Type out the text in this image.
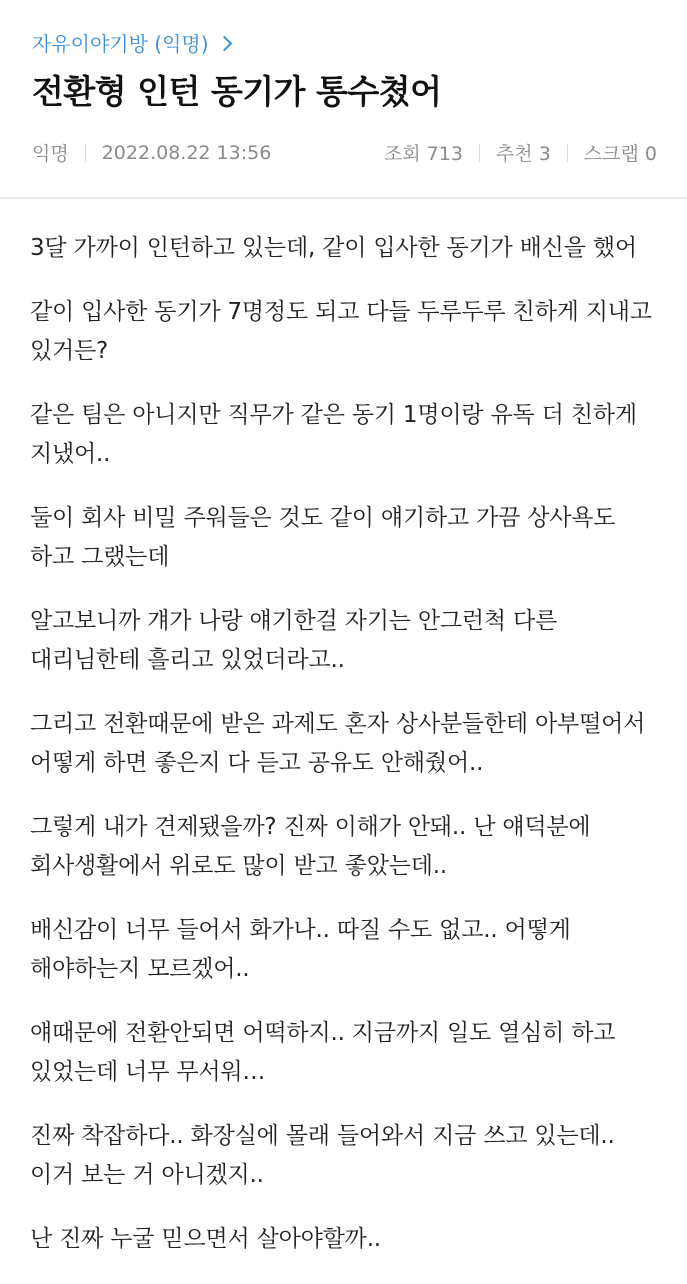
자유이야기방 (익명)
전환형 인턴 동기가 통수쳤어
익명 2022.08.22 13:56	조회 713 추천 3 스크랩 0

3달 가까이 인턴하고 있는데, 같이 입사한 동기가 배신을 했어

같이 입사한 동기가 7명정도 되고 다들 두루두루 친하게 지내고 있거든?

같은 팀은 아니지만 직무가 같은 동기 1명이랑 유독 더 친하게 지냈어..

둘이 회사 비밀 주워들은 것도 같이 얘기하고 가끔 상사욕도 하고 그랬는데

알고보니까 걔가 나랑 얘기한걸 자기는 안그런척 다른 대리님한테 흘리고 있었더라고..

그리고 전환때문에 받은 과제도 혼자 상사분들한테 아부떨어서 어떻게 하면 좋은지 다 듣고 공유도 안해줬어..

그렇게 내가 견제됐을까? 진짜 이해가 안돼.. 난 얘덕분에 회사생활에서 위로도 많이 받고 좋았는데..

배신감이 너무 들어서 화가나.. 따질 수도 없고.. 어떻게 해야하는지 모르겠어..

얘때문에 전환안되면 어떡하지.. 지금까지 일도 열심히 하고 있었는데 너무 무서워…

진짜 착잡하다.. 화장실에 몰래 들어와서 지금 쓰고 있는데..이거 보는 거 아니겠지..

난 진짜 누굴 믿으면서 살아야할까..
